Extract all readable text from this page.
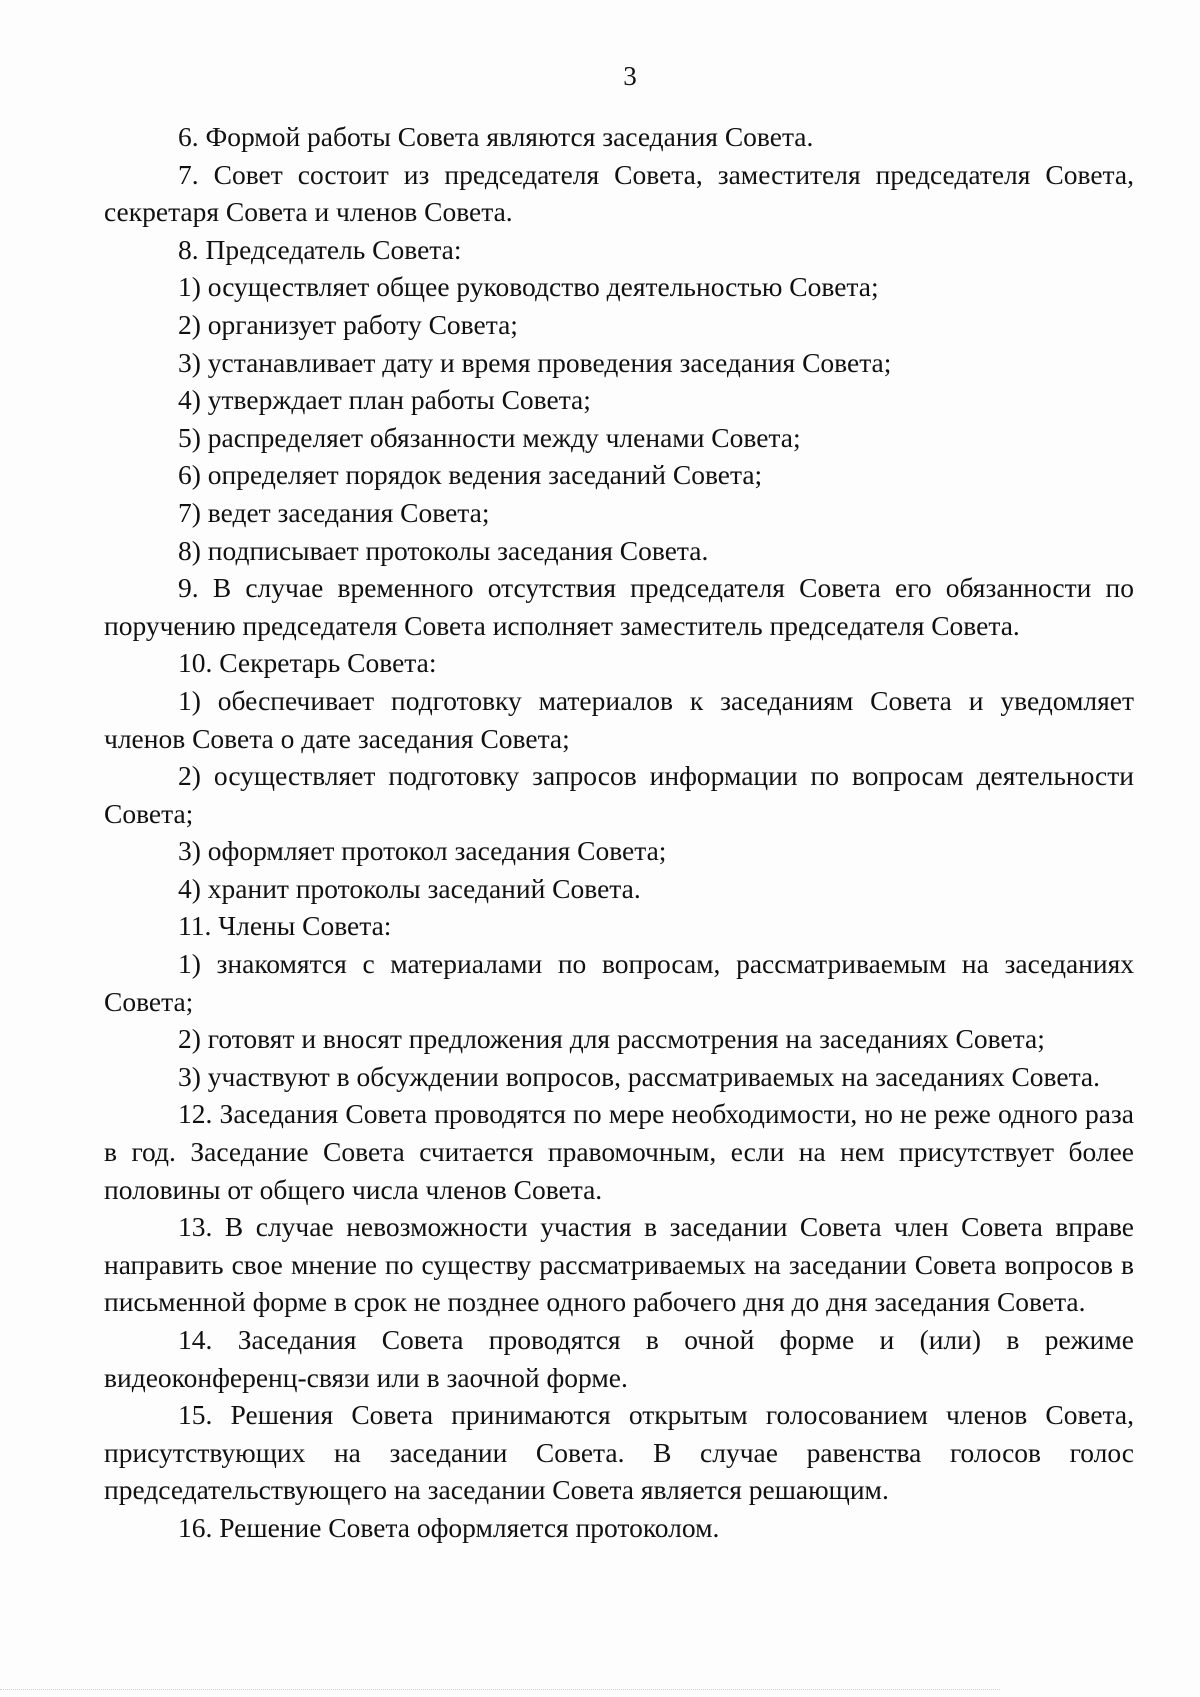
3

6. Формой работы Совета являются заседания Совета.

7. Совет состоит из председателя Совета, заместителя председателя Совета, секретаря Совета и членов Совета.

8. Председатель Совета:

1) осуществляет общее руководство деятельностью Совета;

2) организует работу Совета;

3) устанавливает дату и время проведения заседания Совета;

4) утверждает план работы Совета;

5) распределяет обязанности между членами Совета;

6) определяет порядок ведения заседаний Совета;

7) ведет заседания Совета;

8) подписывает протоколы заседания Совета.

9. В случае временного отсутствия председателя Совета его обязанности по поручению председателя Совета исполняет заместитель председателя Совета.

10. Секретарь Совета:

1) обеспечивает подготовку материалов к заседаниям Совета и уведомляет членов Совета о дате заседания Совета;

2) осуществляет подготовку запросов информации по вопросам деятельности Совета;

3) оформляет протокол заседания Совета;

4) хранит протоколы заседаний Совета.

11. Члены Совета:

1) знакомятся с материалами по вопросам, рассматриваемым на заседаниях Совета;

2) готовят и вносят предложения для рассмотрения на заседаниях Совета;

3) участвуют в обсуждении вопросов, рассматриваемых на заседаниях Совета.

12. Заседания Совета проводятся по мере необходимости, но не реже одного раза в год. Заседание Совета считается правомочным, если на нем присутствует более половины от общего числа членов Совета.

13. В случае невозможности участия в заседании Совета член Совета вправе направить свое мнение по существу рассматриваемых на заседании Совета вопросов в письменной форме в срок не позднее одного рабочего дня до дня заседания Совета.

14. Заседания Совета проводятся в очной форме и (или) в режиме видеоконференц-связи или в заочной форме.

15. Решения Совета принимаются открытым голосованием членов Совета, присутствующих на заседании Совета. В случае равенства голосов голос председательствующего на заседании Совета является решающим.

16. Решение Совета оформляется протоколом.
